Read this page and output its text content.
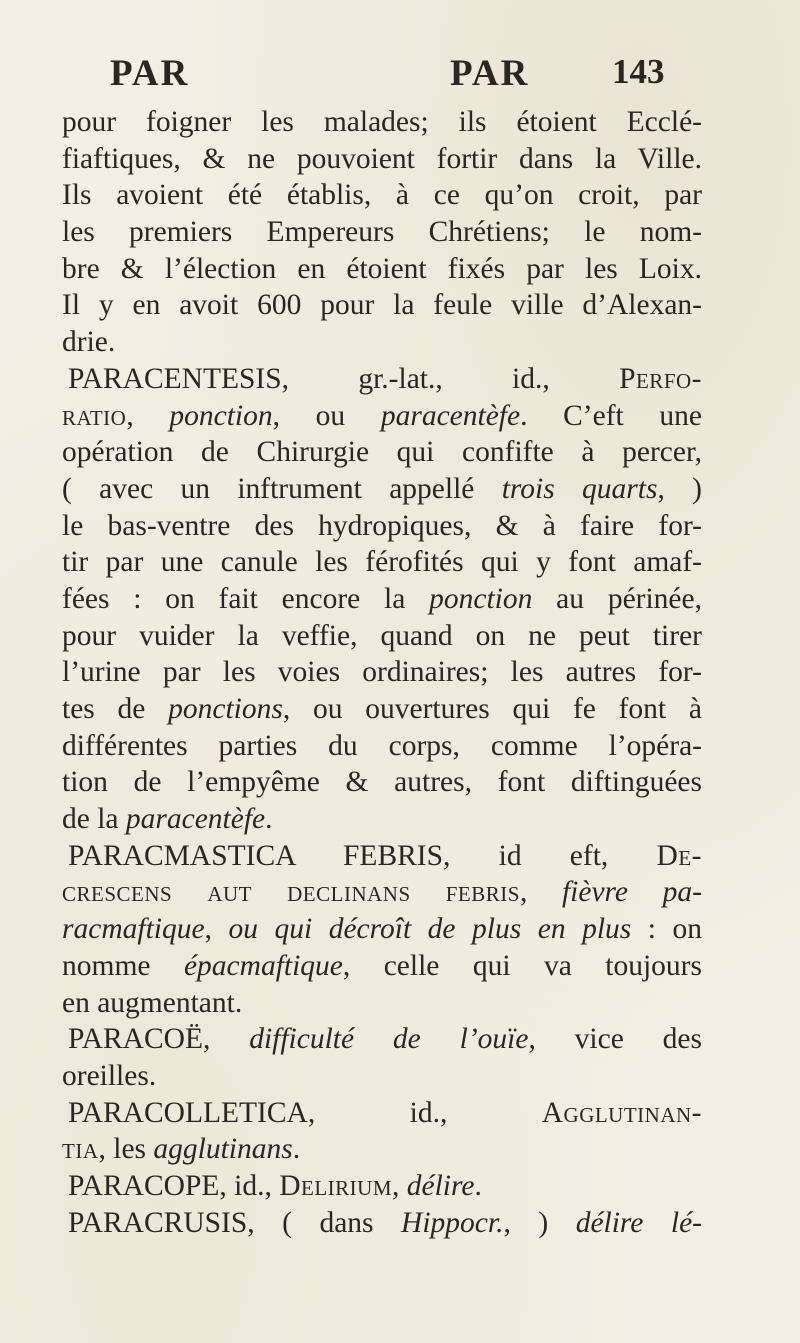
PAR	PAR 143
pour foigner les malades; ils étoient Ecclé-
fiaftiques, & ne pouvoient fortir dans la Ville.
Ils avoient été établis, à ce qu’on croit, par
les premiers Empereurs Chrétiens; le nom-
bre & l’élection en étoient fixés par les Loix.
Il y en avoit 600 pour la feule ville d’Alexan-
drie.
PARACENTESIS, gr.-lat., id., Perfo-
ratio, ponction, ou paracentèfe. C’eft une
opération de Chirurgie qui confifte à percer,
( avec un inftrument appellé trois quarts, )
le bas-ventre des hydropiques, & à faire for-
tir par une canule les férofités qui y font amaf-
fées : on fait encore la ponction au périnée,
pour vuider la veffie, quand on ne peut tirer
l’urine par les voies ordinaires; les autres for-
tes de ponctions, ou ouvertures qui fe font à
différentes parties du corps, comme l’opéra-
tion de l’empyême & autres, font diftinguées
de la paracentèfe.
PARACMASTICA FEBRIS, id eft, De-
crescens aut declinans febris, fièvre pa-
racmaftique, ou qui décroît de plus en plus : on
nomme épacmaftique, celle qui va toujours
en augmentant.
PARACOË, difficulté de l’ouïe, vice des
oreilles.
PARACOLLETICA, id., Agglutinan-
tia, les agglutinans.
PARACOPE, id., Delirium, délire.
PARACRUSIS, ( dans Hippocr., ) délire lé-
